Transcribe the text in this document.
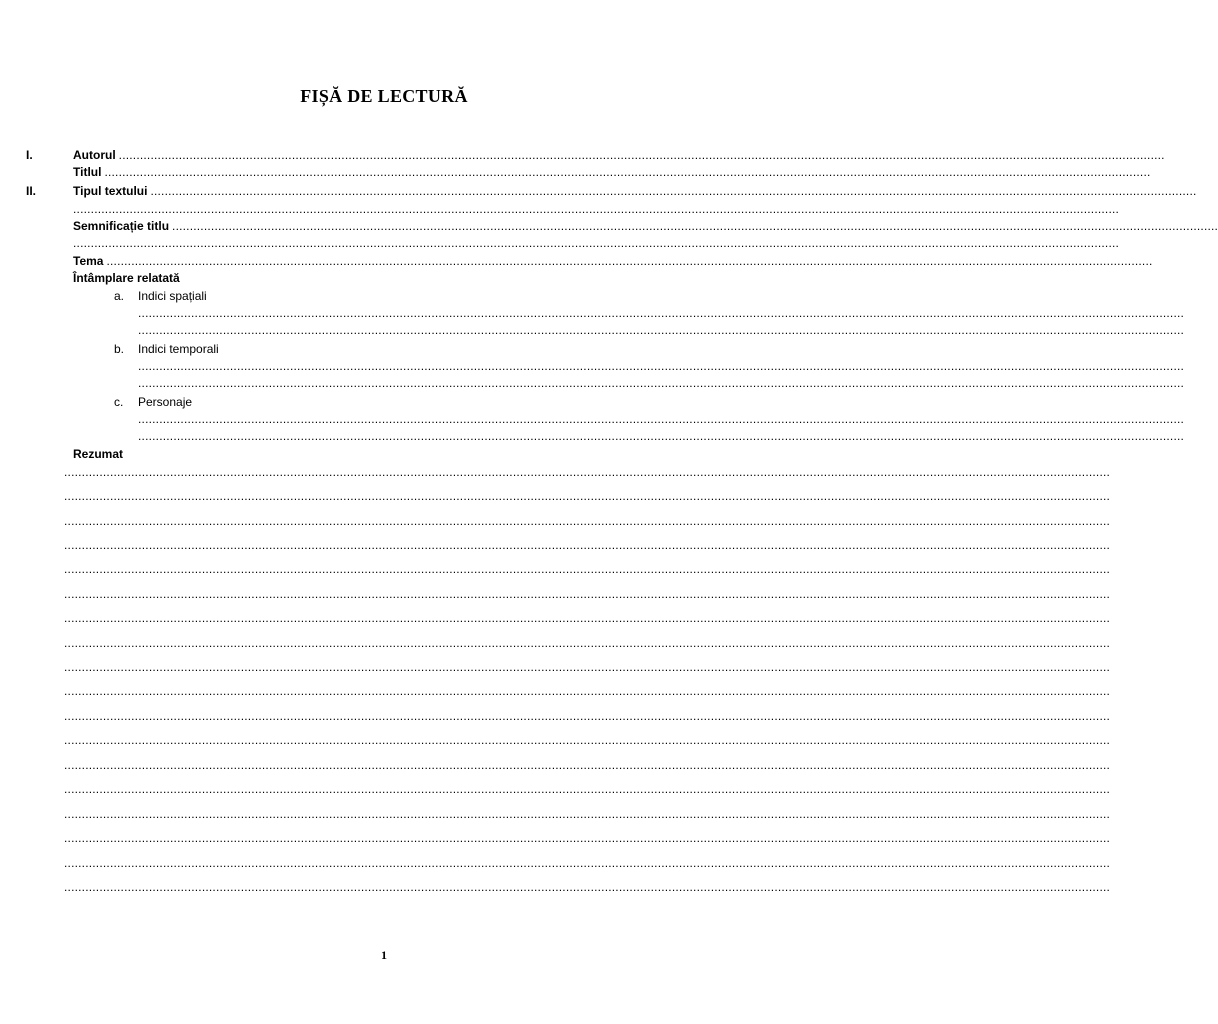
FIȘĂ DE LECTURĂ
I.	Autorul ........................................................................................................................................................................................................................................................................................................
Titlul ........................................................................................................................................................................................................................................................................................................
II.	Tipul textului ........................................................................................................................................................................................................................................................................................................
........................................................................................................................................................................................................................................................................................................
Semnificație titlu ........................................................................................................................................................................................................................................................................................................
........................................................................................................................................................................................................................................................................................................
Tema ........................................................................................................................................................................................................................................................................................................
Întâmplare relatată
a. Indici spațiali
........................................................................................................................................................................................................................................................................................................
........................................................................................................................................................................................................................................................................................................
b. Indici temporali
........................................................................................................................................................................................................................................................................................................
........................................................................................................................................................................................................................................................................................................
c. Personaje
........................................................................................................................................................................................................................................................................................................
........................................................................................................................................................................................................................................................................................................
Rezumat
........................................................................................................................................................................................................................................................................................................
........................................................................................................................................................................................................................................................................................................
........................................................................................................................................................................................................................................................................................................
........................................................................................................................................................................................................................................................................................................
........................................................................................................................................................................................................................................................................................................
........................................................................................................................................................................................................................................................................................................
........................................................................................................................................................................................................................................................................................................
........................................................................................................................................................................................................................................................................................................
........................................................................................................................................................................................................................................................................................................
........................................................................................................................................................................................................................................................................................................
........................................................................................................................................................................................................................................................................................................
........................................................................................................................................................................................................................................................................................................
........................................................................................................................................................................................................................................................................................................
........................................................................................................................................................................................................................................................................................................
........................................................................................................................................................................................................................................................................................................
........................................................................................................................................................................................................................................................................................................
........................................................................................................................................................................................................................................................................................................
........................................................................................................................................................................................................................................................................................................
1
